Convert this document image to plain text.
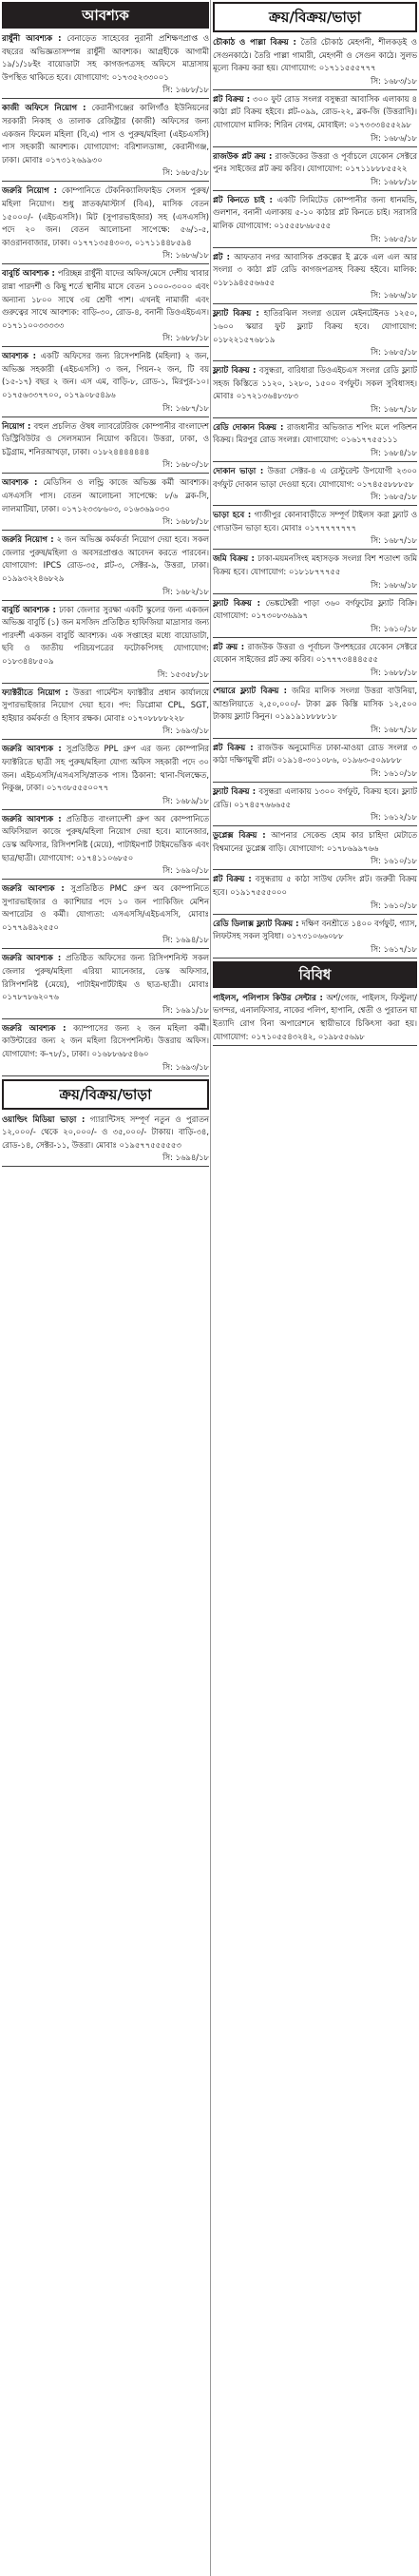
আবশ্যক

রাধুঁনী আবশ্যক : বেনাড়েত সাহেবের নুরানী প্রশিক্ষণপ্রাপ্ত ও বছরের অভিজ্ঞতাসম্পন্ন রাধুঁনী আবশ্যক। আগ্রহীকে আগামী ১৯/১/১৮ইং বায়োডাটা সহ কাগজপত্রসহ অফিসে মাদ্রাসায় উপস্থিত থাকিতে হবে। যোগাযোগ: ০১৭৩৫২৩৩০০১

সি: ১৬৮৮/১৮

কাজী অফিসে নিয়োগ : কেরানীগঞ্জের কালিগাঁও ইউনিয়নের সরকারী নিকাহ ও তালাক রেজিষ্ট্রার (কাজী) অফিসের জন্য একজন ফিমেল মহিলা (বি,এ) পাস ও পুরুষ/মহিলা (এইচএসসি) পাস সহকারী আবশ্যক। যোগাযোগ: বরিশালডাঙ্গা, কেরানীগঞ্জ, ঢাকা। মোবাঃ ০১৭৩১২৬৯৯৩০

সি: ১৬৮৫/১৮

জরুরি নিয়োগ : কোম্পানিতে টেকনিক্যালিফাইড সেলস পুরুষ/মহিলা নিয়োগ। শুধু স্নাতক/মাস্টার্স (বিএ), মাসিক বেতন ১৫০০০/- (এইচএসসি)। মিট (সুপারভাইজার) সহ (এসএসসি) পদে ২০ জন। বেতন আলোচনা সাপেক্ষে: ৫৬/১-৫, কাওরানবাজার, ঢাকা। ০১৭৭১৩৫৪৩০৩, ০১৭১১৪৪৮৫৯৪

সি: ১৬৮৬/১৮

বাবুর্চি আবশ্যক : পরিচ্ছন্ন রাধুঁনী যাদের অফিস/মেসে দেশীয় খাবার রান্না পারদর্শী ও কিছু শর্তে স্থানীয় মাসে বেতন ১০০০-৩০০০ এবং অন্যান্য ১৮০০ সাথে ৩য় শ্রেণী পাশ। এখনই নামাজী এবং গুরুত্বের সাথে আবশ্যক: বাড়ি-৩০, রোড-৪, বনানী ডিওএইচএস। ০১৭১১০০৩৩৩৩৩

সি: ১৬৮৮/১৮

আবশ্যক : একটি অফিসের জন্য রিসেপশনিষ্ট (মহিলা) ২ জন, অভিজ্ঞ সহকারী (এইচএসসি) ৩ জন, পিয়ন-২ জন, টি বয় (১৫-১৭) বছর ২ জন। এস এম, বাড়ি-৮, রোড-১, মিরপুর-১০। ০১৭৫৬৩৩৭৭০০, ০১৭৯০৮৫৪৯৬

সি: ১৬৮৭/১৮

নিয়োগ : বহুল প্রচলিত ঔষধ ল্যাবরেটরিজ কোম্পানীর বাংলাদেশ ডিস্ট্রিবিউটর ও সেলসম্যান নিয়োগ করিবে। উত্তরা, ঢাকা, ও চট্টগ্রাম, শনিরআখড়া, ঢাকা। ০১৮২৪৪৪৪৪৪৪

সি: ১৬৮০/১৮

আবশ্যক : মেডিসিন ও লন্ড্রি কাজে অভিজ্ঞ কর্মী আবশ্যক। এসএসসি পাস। বেতন আলোচনা সাপেক্ষে: ৮/৬ ব্লক-সি, লালমাটিয়া, ঢাকা। ০১৭১২৩৩৮৬০৩, ০১৬৩৬৯০৩০

সি: ১৬৮৮/১৮

জরুরি নিয়োগ : ২ জন অভিজ্ঞ কর্মকর্তা নিয়োগ দেয়া হবে। সকল জেলার পুরুষ/মহিলা ও অবসরপ্রাপ্তও আবেদন করতে পারবেন। যোগাযোগ: IPCS রোড-৩৫, প্লট-৩, সেক্টর-৯, উত্তরা, ঢাকা। ০১৯৯৩২২৪৬৮২৯

সি: ১৬৮২/১৮

বাবুর্চি আবশ্যক : ঢাকা জেলার সুরক্ষা একটি স্কুলের জন্য একজন অভিজ্ঞ বাবুর্চি (১) জন মসজিদ প্রতিষ্ঠিত হাফিজিয়া মাদ্রাসার জন্য পারদর্শী একজন বাবুর্চি আবশ্যক। এক সপ্তাহের মধ্যে বায়োডাটা, ছবি ও জাতীয় পরিচয়পত্রের ফটোকপিসহ যোগাযোগ: ০১৮৩৪৪৮৫০৯

সি: ১৫৩৫৮/১৮

ফ্যাক্টরীতে নিয়োগ : উত্তরা গার্মেন্টস ফ্যাক্টরীর প্রধান কার্যালয়ে সুপারভাইজার নিয়োগ দেয়া হবে। পদ: ডিপ্লোমা CPL, SGT, হাইয়ার কর্মকর্তা ও হিসাব রক্ষক। মোবাঃ ০১৭০৮৮৮৮২২৮

সি: ১৬৯৩/১৮

জরুরি আবশ্যক : সুপ্রতিষ্ঠিত PPL গ্রুপ এর জন্য কোম্পানির ফ্যাক্টরিতে ছাত্রী সহ পুরুষ/মহিলা যোগ্য অফিস সহকারী পদে ৩০ জন। এইচএসসি/এসএসসি/স্নাতক পাস। ঠিকানা: থানা-খিলক্ষেত, নিকুঞ্জ, ঢাকা। ০১৭৩৮৫৫৫০০৭৭

সি: ১৬৮৯/১৮

জরুরি আবশ্যক : প্রতিষ্ঠিত বাংলাদেশী গ্রুপ অব কোম্পানিতে অফিসিয়াল কাজে পুরুষ/মহিলা নিয়োগ দেয়া হবে। ম্যানেজার, ডেস্ক অফিসার, রিসিপশনিষ্ট (মেয়ে), পাটাইমপার্ট টাইমভেত্তিক এবং ছাত্র/ছাত্রী। যোগাযোগ: ০১৭৪১১০৬৮৫০

সি: ১৬৯০/১৮

জরুরি আবশ্যক : সুপ্রতিষ্ঠিত PMC গ্রুপ অব কোম্পানিতে সুপারভাইজার ও ক্যাশিয়ার পদে ১০ জন প্যাকিজিং মেশিন অপারেটর ও কর্মী। যোগ্যতা: এসএসসি/এইচএসসি, মোবাঃ ০১৭৭৯৪৯২৫৫০

সি: ১৬৯৪/১৮

জরুরি আবশ্যক : প্রতিষ্ঠিত অফিসের জন্য রিসিপশনিস্ট সকল জেলার পুরুষ/মহিলা এরিয়া ম্যানেজার, ডেস্ক অফিসার, রিসিপশনিষ্ট (মেয়ে), পাটাইমপার্টটাইম ও ছাত্র-ছাত্রী। মোবাঃ ০১৭৮৭৮৬২০৭৬

সি: ১৬৯১/১৮

জরুরি আবশ্যক : ক্যাম্পাসের জন্য ২ জন মহিলা কর্মী। কাউন্টারের জন্য ২ জন মহিলা রিসেপশনিস্ট। উত্তরায় অফিস। যোগাযোগ: ক-৭৮/১, ঢাকা। ০১৬৮৮৬৮৫৪৬০

সি: ১৬৯৩/১৮
ক্রয়/বিক্রয়/ভাড়া

ওয়াল্ডিং মিডিয়া ভাড়া : গ্যারান্টিসহ সম্পূর্ণ নতুন ও পুরাতন ১২,০০০/- থেকে ২০,০০০/- ও ৩৫,০০০/- টাকায়। বাড়ি-৩৪, রোড-১৪, সেক্টর-১১, উত্তরা। মোবাঃ ০১৯৫৭৭৫৫৫৫৫৩

সি: ১৬৯৪/১৮
ক্রয়/বিক্রয়/ভাড়া

চৌকাঠ ও পাল্লা বিক্রয় : তৈরি চৌকাঠ মেহগনী, শীলকড়ই ও সেগুনকাঠে। তৈরি পাল্লা গামারী, মেহগনী ও সেগুন কাঠে। সুলভ মূল্যে বিক্রয় করা হয়। যোগাযোগ: ০১৭১১৫৫৫৭৭৭

সি: ১৬৮৩/১৮

প্লট বিক্রয় : ৩০০ ফুট রোড সংলগ্ন বসুন্ধরা আবাসিক এলাকায় ৪ কাঠা প্লট বিক্রয় হইবে। প্লট-০৯৯, রোড-২২, ব্লক-জি (উত্তরাদি)। যোগাযোগ মালিক: শিরিন বেগম, মোবাইল: ০১৭৩৩৩৪৫৫২৯৮

সি: ১৬৮৬/১৮

রাজউক প্লট ক্রয় : রাজউকের উত্তরা ও পূর্বাচলে যেকোন সেক্টরে পুনঃ সাইজের প্লট ক্রয় করিব। যোগাযোগ: ০১৭১১৮৮৮৫৫২২

সি: ১৬৮৮/১৮

প্লট কিনতে চাই : একটি লিমিটেড কোম্পানীর জন্য ধানমন্ডি, গুলশান, বনানী এলাকায় ৫-১০ কাঠার প্লট কিনতে চাই। সরাসরি মালিক যোগাযোগ: ০১৫৫৫৮৬৮৫৫৫

সি: ১৬৮৫/১৮

প্লট : আফতাব নগর আবাসিক প্রকল্পের ই ব্লকে এল এল আর সংলগ্ন ৩ কাঠা প্লট রেডি কাগজপত্রসহ বিক্রয় হইবে। মালিক: ০১৮১৯৪৫৫৬৬৫৫

সি: ১৬৮৬/১৮

ফ্ল্যাট বিক্রয় : হাতিরঝিল সংলগ্ন ওয়েল মেইনটেইনড ১২৫০, ১৬০০ স্কয়ার ফুট ফ্ল্যাট বিক্রয় হবে। যোগাযোগ: ০১৮২২১৫৭৬৮১৯

সি: ১৬৮৫/১৮

ফ্ল্যাট বিক্রয় : বসুন্ধরা, বারিধারা ডিওএইচএস সংলগ্ন রেডি ফ্ল্যাট সহজ কিস্তিতে ১১২০, ১২৮০, ১৫০০ বর্গফুট। সকল সুবিধাসহ। মোবাঃ ০১৭২১৩৬৪৮৩৮৩

সি: ১৬৮৭/১৮

রেডি দোকান বিক্রয় : রাজধানীর অভিজাত শপিং মলে পজিশন বিক্রয়। মিরপুর রোড সংলগ্ন। যোগাযোগ: ০১৬১৭৭৫৫১১১

সি: ১৬৮৪/১৮

দোকান ভাড়া : উত্তরা সেক্টর-৪ এ রেস্টুরেন্ট উপযোগী ২৩০০ বর্গফুট দোকান ভাড়া দেওয়া হবে। যোগাযোগ: ০১৭৪৫৫৮৮৮৫৮

সি: ১৬৮৫/১৮

ভাড়া হবে : গাজীপুর কোনাবাড়ীতে সম্পূর্ণ টাইলস করা ফ্ল্যাট ও গোডাউন ভাড়া হবে। মোবাঃ ০১৭৭৭৭৭৭৭৭

সি: ১৬৮৭/১৮

জমি বিক্রয় : ঢাকা-ময়মনসিংহ মহাসড়ক সংলগ্ন বিশ শতাংশ জমি বিক্রয় হবে। যোগাযোগ: ০১৮১৮৭৭৭৫৫

সি: ১৬৮৬/১৮

ফ্ল্যাট বিক্রয় : ভেঙ্কটেশ্বরী পাড়া ৩৬০ বর্গফুটের ফ্ল্যাট বিক্রি। যোগাযোগ: ০১৭৩০৮৩৬৯৯৭

সি: ১৬১০/১৮

প্লট ক্রয় : রাজউক উত্তরা ও পূর্বাচল উপশহরের যেকোন সেক্টরে যেকোন সাইজের প্লট ক্রয় করিব। ০১৭৭৭৩৪৪৪৫৫৫

সি: ১৬৮৮/১৮

শেয়ারে ফ্ল্যাট বিক্রয় : জমির মালিক সংলগ্ন উত্তরা বাউনিয়া, আশুলিয়াতে ২,৫০,০০০/- টাকা ব্লক কিস্তি মাসিক ১২,৫০০ টাকায় ফ্ল্যাট কিনুন। ০১৯১৯১৮৮৮৮১৮

সি: ১৬৮৭/১৮

প্লট বিক্রয় : রাজউক অনুমোদিত ঢাকা-মাওয়া রোড সংলগ্ন ৩ কাঠা দক্ষিণমুখী প্লট। ০১৯১৪-৩০১০৮৬, ০১৯৬৩-৫০৯৮৮৮

সি: ১৬১০/১৮

ফ্ল্যাট বিক্রয় : বসুন্ধরা এলাকায় ১৩০০ বর্গফুট, বিক্রয় হবে। ফ্ল্যাট রেডি। ০১৭৪৫৭৬৬৬৫৫

সি: ১৬১২/১৮

ডুপ্লেক্স বিক্রয় : আপনার সেকেন্ড হোম কার চাহিদা মেটাতে বিশ্বমানের ডুপ্লেক্স বাড়ি। যোগাযোগ: ০১৭৮৬৯৯৭৬৬

সি: ১৬১০/১৮

প্লট বিক্রয় : বসুন্ধরায় ৫ কাঠা সাউথ ফেসিং প্লট। জরুরী বিক্রয় হবে। ০১৯১৭৫৫৫০০০

সি: ১৬১০/১৮

রেডি ডিলাক্স ফ্ল্যাট বিক্রয় : দক্ষিণ বনশ্রীতে ১৪০০ বর্গফুট, গ্যাস, লিফটসহ সকল সুবিধা। ০১৭৩১০৬৬০৮৮

সি: ১৬১৭/১৮
বিবিধ

পাইলস, পলিপাস কিউর সেন্টার : অর্শ/গেজ, পাইলস, ফিস্টুলা/ভগন্দর, এনালফিসার, নাকের পলিপ, হাপানি, শ্বেতী ও পুরাতন ঘা ইত্যাদি রোগ বিনা অপারেশনে স্থায়ীভাবে চিকিৎসা করা হয়। যোগাযোগ: ০১৭১০৫৫৪৩২৪২, ০১৯৮৫৫৬৯৮
